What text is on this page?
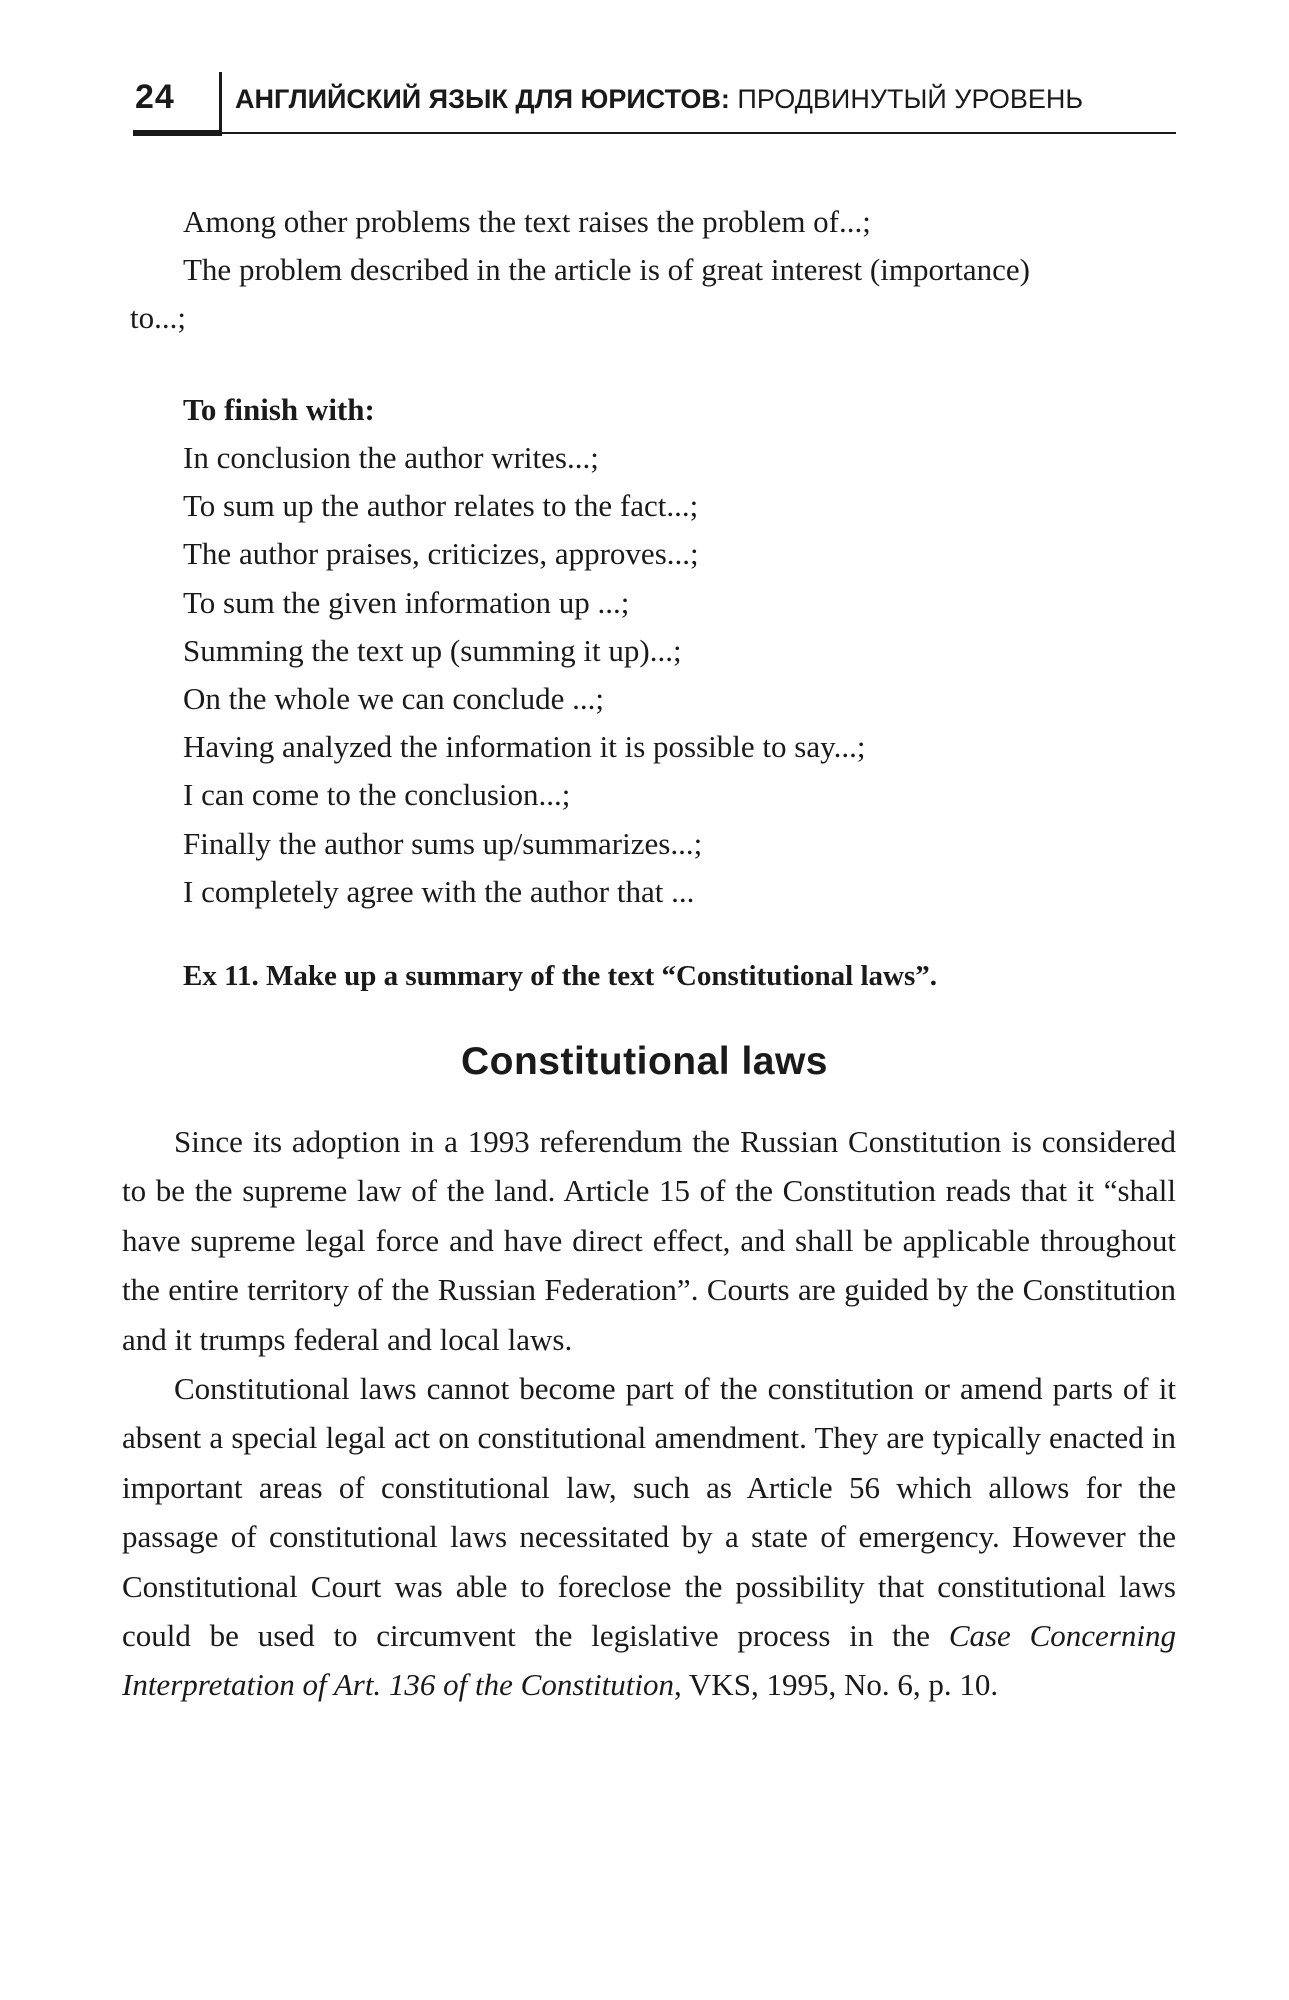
24 АНГЛИЙСКИЙ ЯЗЫК ДЛЯ ЮРИСТОВ: ПРОДВИНУТЫЙ УРОВЕНЬ
Among other problems the text raises the problem of...;
The problem described in the article is of great interest (importance)
to...;
To finish with:
In conclusion the author writes...;
To sum up the author relates to the fact...;
The author praises, criticizes, approves...;
To sum the given information up ...;
Summing the text up (summing it up)...;
On the whole we can conclude ...;
Having analyzed the information it is possible to say...;
I can come to the conclusion...;
Finally the author sums up/summarizes...;
I completely agree with the author that ...
Ex 11. Make up a summary of the text “Constitutional laws”.
Constitutional laws

Since its adoption in a 1993 referendum the Russian Constitution is considered to be the supreme law of the land. Article 15 of the Constitution reads that it “shall have supreme legal force and have direct effect, and shall be applicable throughout the entire territory of the Russian Federation”. Courts are guided by the Constitution and it trumps federal and local laws.

Constitutional laws cannot become part of the constitution or amend parts of it absent a special legal act on constitutional amendment. They are typically enacted in important areas of constitutional law, such as Article 56 which allows for the passage of constitutional laws necessitated by a state of emergency. However the Constitutional Court was able to foreclose the possibility that constitutional laws could be used to circumvent the legislative process in the Case Concerning Interpretation of Art. 136 of the Constitution, VKS, 1995, No. 6, p. 10.
